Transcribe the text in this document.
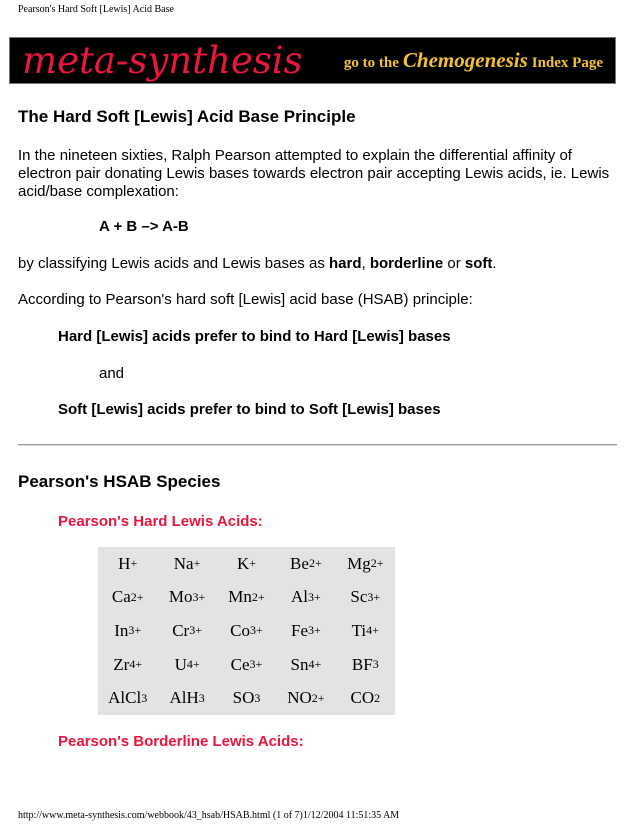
Pearson's Hard Soft [Lewis] Acid Base
meta-synthesis	go to the Chemogenesis Index Page
The Hard Soft [Lewis] Acid Base Principle
In the nineteen sixties, Ralph Pearson attempted to explain the differential affinity of electron pair donating Lewis bases towards electron pair accepting Lewis acids, ie. Lewis acid/base complexation:
A + B –> A-B
by classifying Lewis acids and Lewis bases as hard, borderline or soft.
According to Pearson's hard soft [Lewis] acid base (HSAB) principle:
Hard [Lewis] acids prefer to bind to Hard [Lewis] bases
and
Soft [Lewis] acids prefer to bind to Soft [Lewis] bases
Pearson's HSAB Species
Pearson's Hard Lewis Acids:
H + Na + K + Be 2+ Mg 2+
Ca 2+ Mo 3+ Mn 2+ Al 3+ Sc 3+
In 3+ Cr 3+ Co 3+ Fe 3+ Ti 4+
Zr 4+ U 4+ Ce 3+ Sn 4+ BF 3
AlCl 3 AlH 3 SO 3 NO 2 + CO 2
Pearson's Borderline Lewis Acids:
http://www.meta-synthesis.com/webbook/43_hsab/HSAB.html (1 of 7)1/12/2004 11:51:35 AM
